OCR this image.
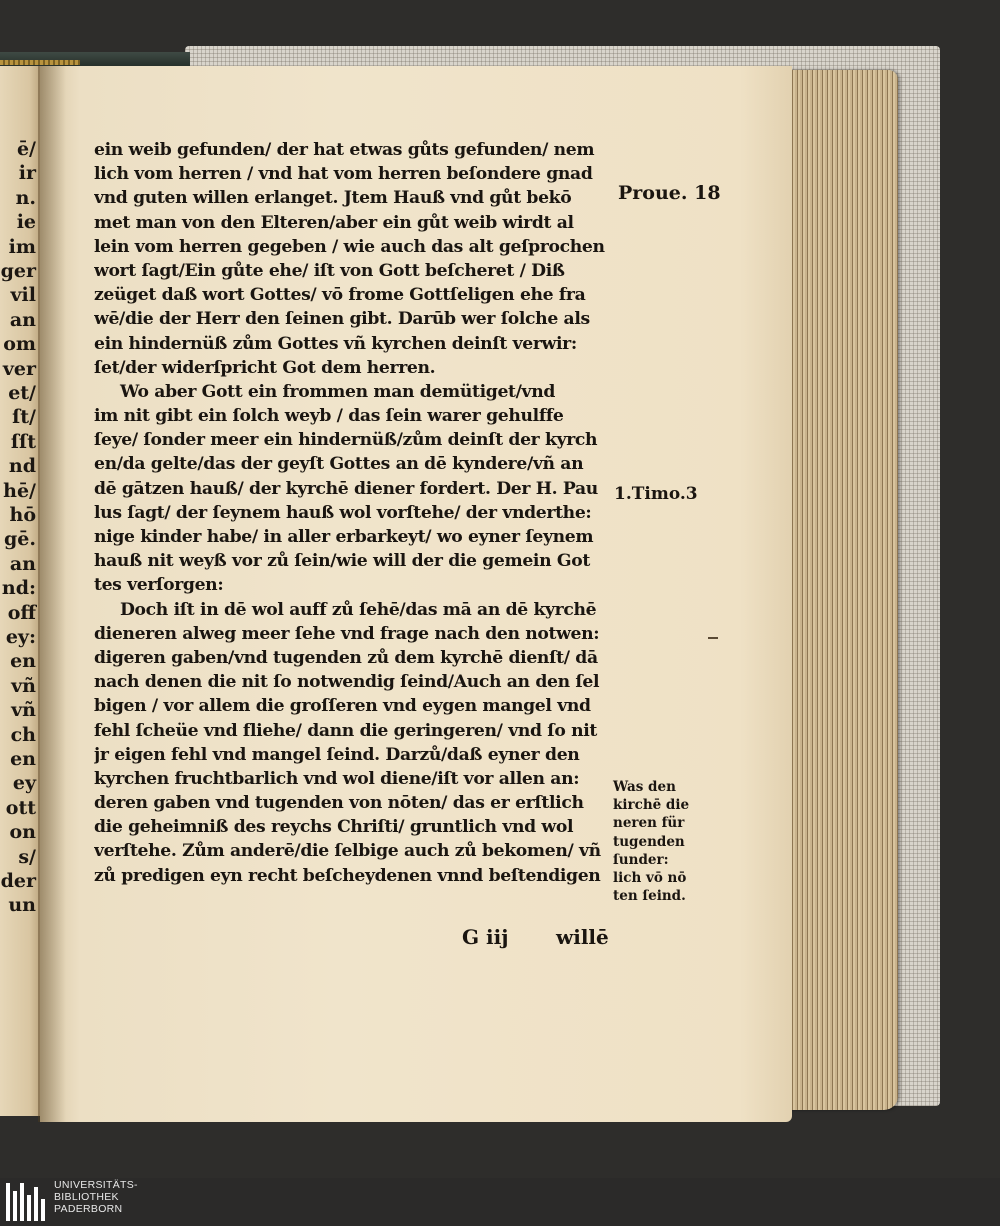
ē/
ir
n.
ie
im
ger
vil
an
om
ver
et/
ſt/
ſſt
nd
hē/
hō
gē.
an
nd:
off
ey:
en
vñ
vñ
ch
en
ey
ott
on
s/
der
un
ein weib gefunden/ der hat etwas gůts gefunden/ nem
lich vom herren / vnd hat vom herren beſondere gnad
vnd guten willen erlanget. Jtem Hauß vnd gůt bekō
met man von den Elteren/aber ein gůt weib wirdt al
lein vom herren gegeben / wie auch das alt geſprochen
wort ſagt/Ein gůte ehe/ iſt von Gott beſcheret / Diß
zeüget daß wort Gottes/ vō frome Gottſeligen ehe fra
wē/die der Herr den ſeinen gibt. Darūb wer ſolche als
ein hindernüß zům Gottes vñ kyrchen deinſt verwir:
ſet/der widerſpricht Got dem herren.
Wo aber Gott ein frommen man demütiget/vnd
im nit gibt ein ſolch weyb / das ſein warer gehulffe
ſeye/ ſonder meer ein hindernüß/zům deinſt der kyrch
en/da gelte/das der geyſt Gottes an dē kyndere/vñ an
dē gātzen hauß/ der kyrchē diener fordert. Der H. Pau
lus ſagt/ der ſeynem hauß wol vorſtehe/ der vnderthe:
nige kinder habe/ in aller erbarkeyt/ wo eyner ſeynem
hauß nit weyß vor zů ſein/wie will der die gemein Got
tes verſorgen:
Doch iſt in dē wol auff zů ſehē/das mā an dē kyrchē
dieneren alweg meer ſehe vnd frage nach den notwen:
digeren gaben/vnd tugenden zů dem kyrchē dienſt/ dā
nach denen die nit ſo notwendig ſeind/Auch an den ſel
bigen / vor allem die groſſeren vnd eygen mangel vnd
fehl ſcheüe vnd fliehe/ dann die geringeren/ vnd ſo nit
jr eigen fehl vnd mangel ſeind. Darzů/daß eyner den
kyrchen fruchtbarlich vnd wol diene/iſt vor allen an:
deren gaben vnd tugenden von nōten/ das er erſtlich
die geheimniß des reychs Chriſti/ gruntlich vnd wol
verſtehe. Zům anderē/die ſelbige auch zů bekomen/ vñ
zů predigen eyn recht beſcheydenen vnnd beſtendigen
G iij willē
Proue. 18
1.Timo.3
Was den
kirchē die
neren für
tugenden
ſunder:
lich vō nō
ten ſeind.
UNIVERSITÄTS-
BIBLIOTHEK
PADERBORN
